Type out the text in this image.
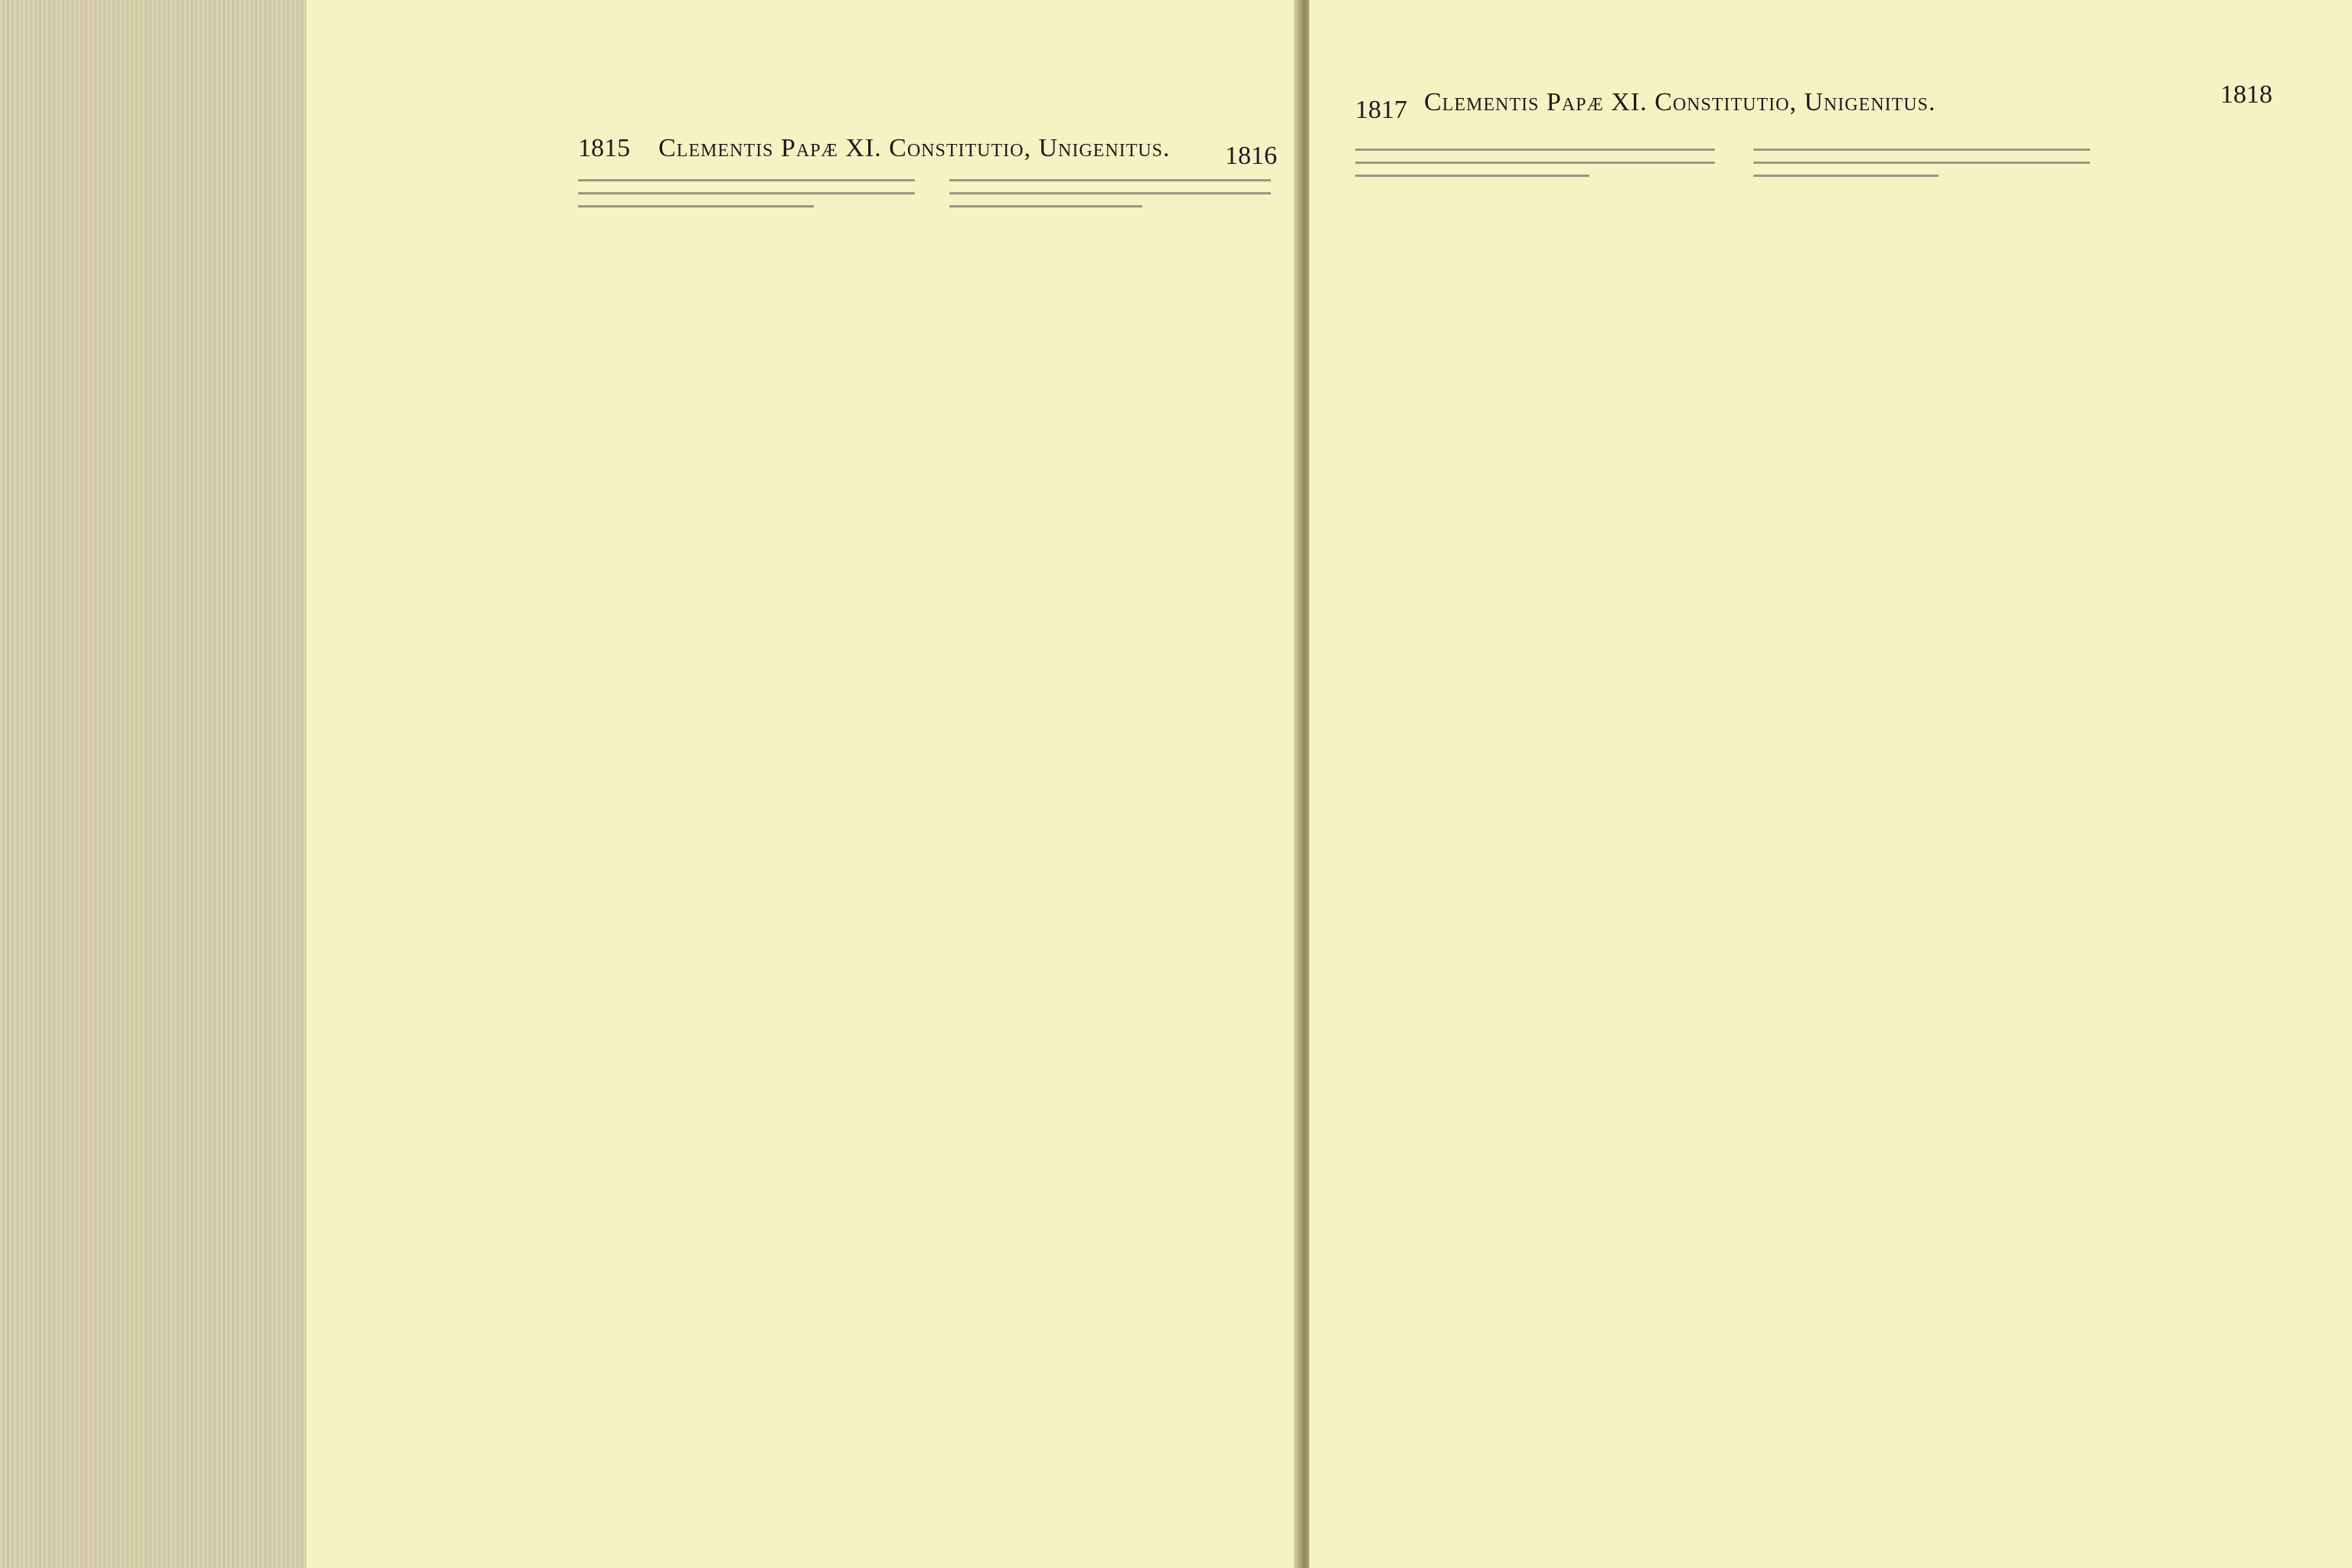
1815 Clementis Papæ XI. Constitutio, Unigenitus. 1816
1817 Clementis Papæ XI. Constitutio, Unigenitus.	1818
